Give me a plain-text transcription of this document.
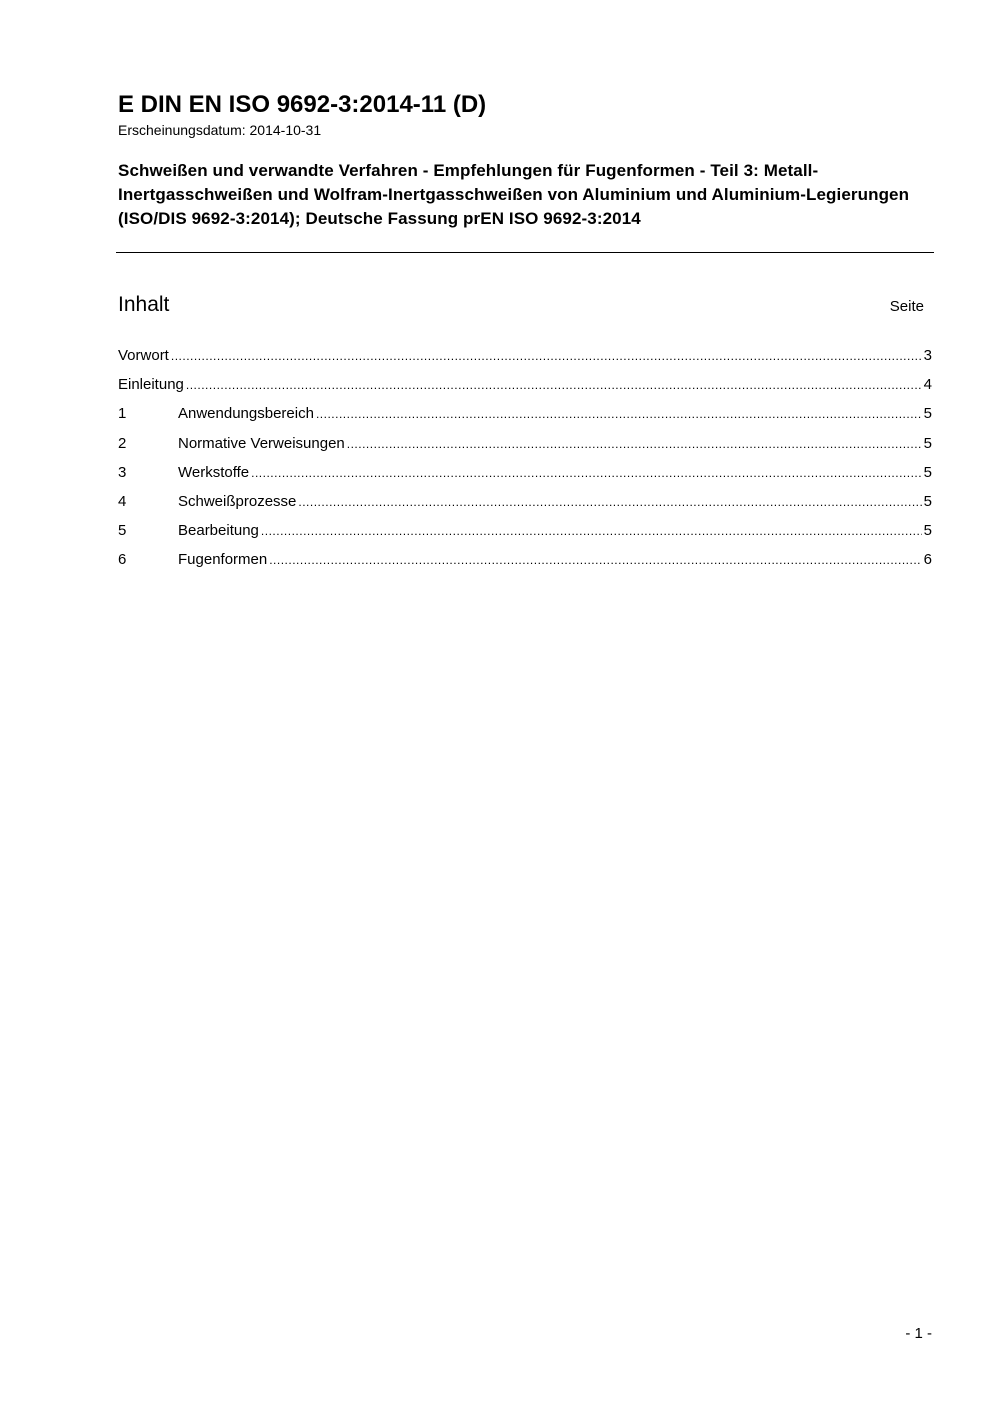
E DIN EN ISO 9692-3:2014-11 (D)
Erscheinungsdatum: 2014-10-31
Schweißen und verwandte Verfahren - Empfehlungen für Fugenformen - Teil 3: Metall-Inertgasschweißen und Wolfram-Inertgasschweißen von Aluminium und Aluminium-Legierungen (ISO/DIS 9692-3:2014); Deutsche Fassung prEN ISO 9692-3:2014
Inhalt	Seite
Vorwort .....	3
Einleitung .....	4
1	Anwendungsbereich .....	5
2	Normative Verweisungen .....	5
3	Werkstoffe .....	5
4	Schweißprozesse .....	5
5	Bearbeitung .....	5
6	Fugenformen .....	6
- 1 -
